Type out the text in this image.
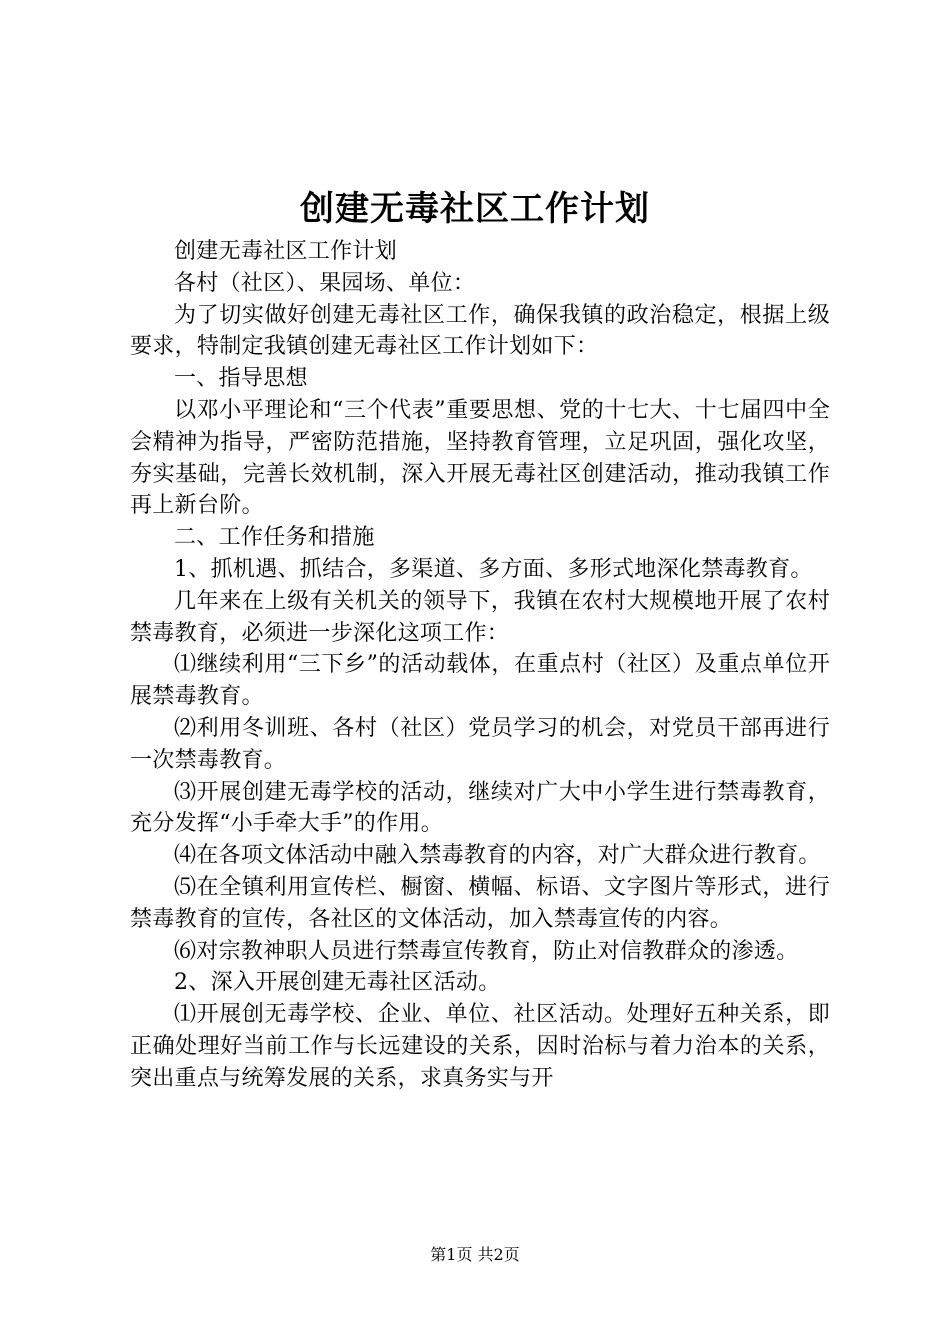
创建无毒社区工作计划

创建无毒社区工作计划

各村（社区）、果园场、单位：

为了切实做好创建无毒社区工作，确保我镇的政治稳定，根据上级要求，特制定我镇创建无毒社区工作计划如下：

一、指导思想

以邓小平理论和“三个代表”重要思想、党的十七大、十七届四中全会精神为指导，严密防范措施，坚持教育管理，立足巩固，强化攻坚，夯实基础，完善长效机制，深入开展无毒社区创建活动，推动我镇工作再上新台阶。

二、工作任务和措施

1、抓机遇、抓结合，多渠道、多方面、多形式地深化禁毒教育。

几年来在上级有关机关的领导下，我镇在农村大规模地开展了农村禁毒教育，必须进一步深化这项工作：

⑴继续利用“三下乡”的活动载体，在重点村（社区）及重点单位开展禁毒教育。

⑵利用冬训班、各村（社区）党员学习的机会，对党员干部再进行一次禁毒教育。

⑶开展创建无毒学校的活动，继续对广大中小学生进行禁毒教育，充分发挥“小手牵大手”的作用。

⑷在各项文体活动中融入禁毒教育的内容，对广大群众进行教育。

⑸在全镇利用宣传栏、橱窗、横幅、标语、文字图片等形式，进行禁毒教育的宣传，各社区的文体活动，加入禁毒宣传的内容。

⑹对宗教神职人员进行禁毒宣传教育，防止对信教群众的渗透。

2、深入开展创建无毒社区活动。

⑴开展创无毒学校、企业、单位、社区活动。处理好五种关系，即正确处理好当前工作与长远建设的关系，因时治标与着力治本的关系，突出重点与统筹发展的关系，求真务实与开

第1页 共2页
